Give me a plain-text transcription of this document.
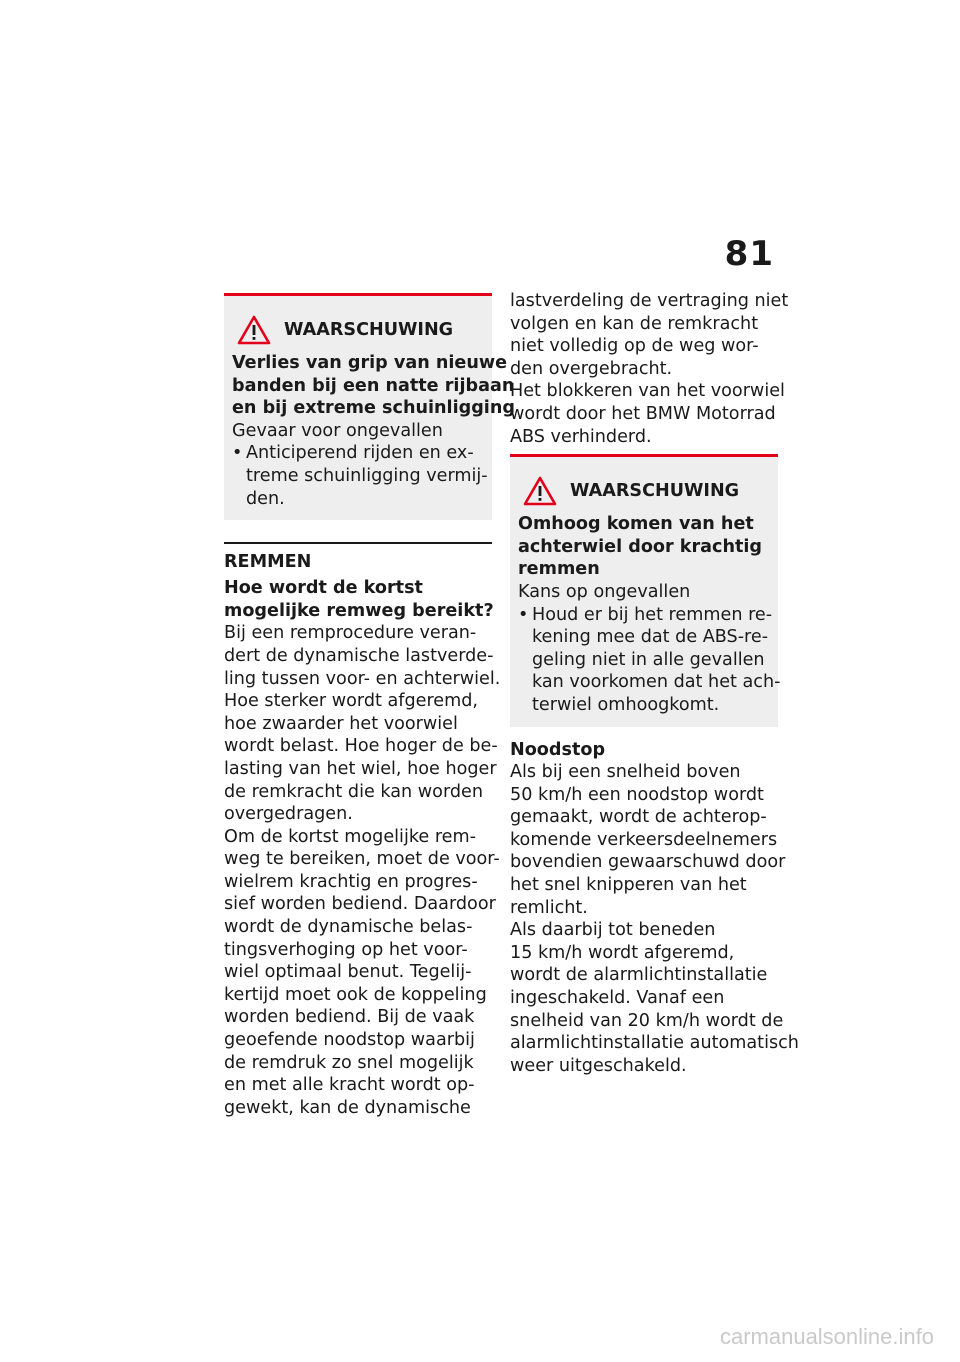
81
WAARSCHUWING
Verlies van grip van nieuwe
banden bij een natte rijbaan
en bij extreme schuinligging
Gevaar voor ongevallen
• Anticiperend rijden en ex-
treme schuinligging vermij-
den.
REMMEN
Hoe wordt de kortst
mogelijke remweg bereikt?
Bij een remprocedure veran-
dert de dynamische lastverde-
ling tussen voor- en achterwiel.
Hoe sterker wordt afgeremd,
hoe zwaarder het voorwiel
wordt belast. Hoe hoger de be-
lasting van het wiel, hoe hoger
de remkracht die kan worden
overgedragen.
Om de kortst mogelijke rem-
weg te bereiken, moet de voor-
wielrem krachtig en progres-
sief worden bediend. Daardoor
wordt de dynamische belas-
tingsverhoging op het voor-
wiel optimaal benut. Tegelij-
kertijd moet ook de koppeling
worden bediend. Bij de vaak
geoefende noodstop waarbij
de remdruk zo snel mogelijk
en met alle kracht wordt op-
gewekt, kan de dynamische
lastverdeling de vertraging niet
volgen en kan de remkracht
niet volledig op de weg wor-
den overgebracht.
Het blokkeren van het voorwiel
wordt door het BMW Motorrad
ABS verhinderd.
WAARSCHUWING
Omhoog komen van het
achterwiel door krachtig
remmen
Kans op ongevallen
• Houd er bij het remmen re-
kening mee dat de ABS-re-
geling niet in alle gevallen
kan voorkomen dat het ach-
terwiel omhoogkomt.
Noodstop
Als bij een snelheid boven
50 km/h een noodstop wordt
gemaakt, wordt de achterop-
komende verkeersdeelnemers
bovendien gewaarschuwd door
het snel knipperen van het
remlicht.
Als daarbij tot beneden
15 km/h wordt afgeremd,
wordt de alarmlichtinstallatie
ingeschakeld. Vanaf een
snelheid van 20 km/h wordt de
alarmlichtinstallatie automatisch
weer uitgeschakeld.
carmanualsonline.info
